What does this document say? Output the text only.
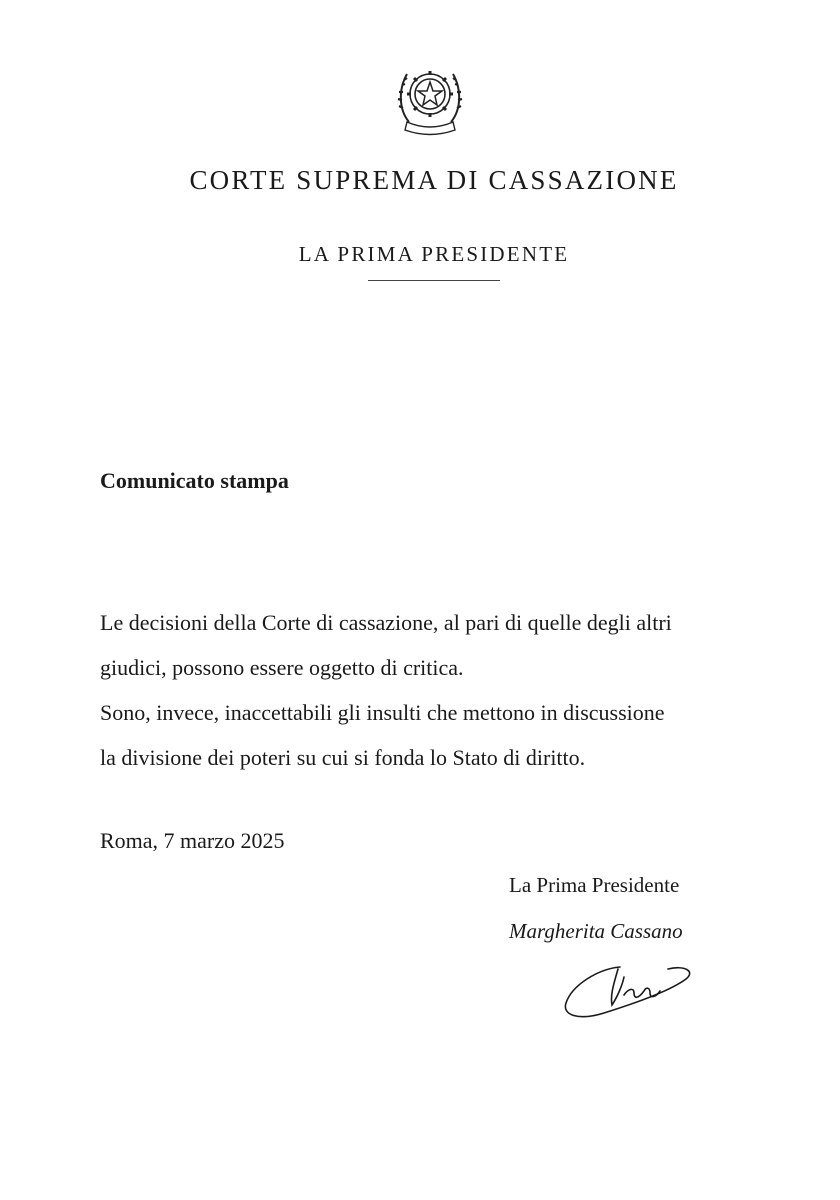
CORTE SUPREMA DI CASSAZIONE
LA PRIMA PRESIDENTE
Comunicato stampa

Le decisioni della Corte di cassazione, al pari di quelle degli altri

giudici, possono essere oggetto di critica.

Sono, invece, inaccettabili gli insulti che mettono in discussione

la divisione dei poteri su cui si fonda lo Stato di diritto.

Roma, 7 marzo 2025
La Prima Presidente
Margherita Cassano
